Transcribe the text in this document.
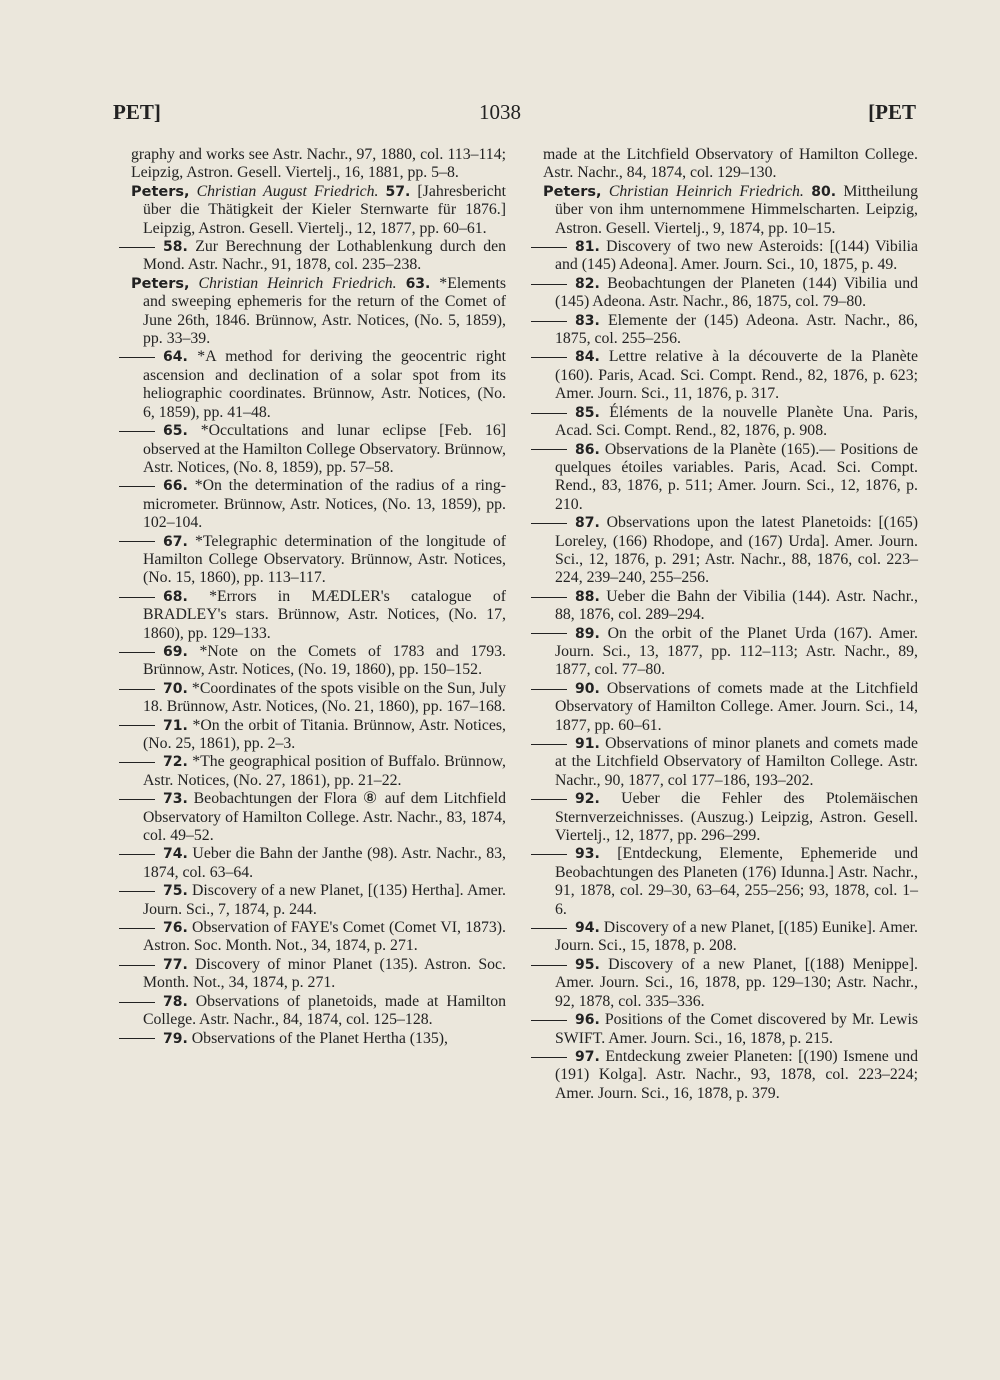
PET]	1038	[PET

graphy and works see Astr. Nachr., 97, 1880, col. 113–114; Leipzig, Astron. Gesell. Viertelj., 16, 1881, pp. 5–8.

Peters, Christian August Friedrich. 57. [Jahresbericht über die Thätigkeit der Kieler Sternwarte für 1876.] Leipzig, Astron. Gesell. Viertelj., 12, 1877, pp. 60–61.

58. Zur Berechnung der Lothablenkung durch den Mond. Astr. Nachr., 91, 1878, col. 235–238.

Peters, Christian Heinrich Friedrich. 63. *Elements and sweeping ephemeris for the return of the Comet of June 26th, 1846. Brünnow, Astr. Notices, (No. 5, 1859), pp. 33–39.

64. *A method for deriving the geocentric right ascension and declination of a solar spot from its heliographic coordinates. Brünnow, Astr. Notices, (No. 6, 1859), pp. 41–48.

65. *Occultations and lunar eclipse [Feb. 16] observed at the Hamilton College Observatory. Brünnow, Astr. Notices, (No. 8, 1859), pp. 57–58.

66. *On the determination of the radius of a ring-micrometer. Brünnow, Astr. Notices, (No. 13, 1859), pp. 102–104.

67. *Telegraphic determination of the longitude of Hamilton College Observatory. Brünnow, Astr. Notices, (No. 15, 1860), pp. 113–117.

68. *Errors in MÆDLER's catalogue of BRADLEY's stars. Brünnow, Astr. Notices, (No. 17, 1860), pp. 129–133.

69. *Note on the Comets of 1783 and 1793. Brünnow, Astr. Notices, (No. 19, 1860), pp. 150–152.

70. *Coordinates of the spots visible on the Sun, July 18. Brünnow, Astr. Notices, (No. 21, 1860), pp. 167–168.

71. *On the orbit of Titania. Brünnow, Astr. Notices, (No. 25, 1861), pp. 2–3.

72. *The geographical position of Buffalo. Brünnow, Astr. Notices, (No. 27, 1861), pp. 21–22.

73. Beobachtungen der Flora ⑧ auf dem Litchfield Observatory of Hamilton College. Astr. Nachr., 83, 1874, col. 49–52.

74. Ueber die Bahn der Janthe (98). Astr. Nachr., 83, 1874, col. 63–64.

75. Discovery of a new Planet, [(135) Hertha]. Amer. Journ. Sci., 7, 1874, p. 244.

76. Observation of FAYE's Comet (Comet VI, 1873). Astron. Soc. Month. Not., 34, 1874, p. 271.

77. Discovery of minor Planet (135). Astron. Soc. Month. Not., 34, 1874, p. 271.

78. Observations of planetoids, made at Hamilton College. Astr. Nachr., 84, 1874, col. 125–128.

79. Observations of the Planet Hertha (135),

made at the Litchfield Observatory of Hamilton College. Astr. Nachr., 84, 1874, col. 129–130.

Peters, Christian Heinrich Friedrich. 80. Mittheilung über von ihm unternommene Himmelscharten. Leipzig, Astron. Gesell. Viertelj., 9, 1874, pp. 10–15.

81. Discovery of two new Asteroids: [(144) Vibilia and (145) Adeona]. Amer. Journ. Sci., 10, 1875, p. 49.

82. Beobachtungen der Planeten (144) Vibilia und (145) Adeona. Astr. Nachr., 86, 1875, col. 79–80.

83. Elemente der (145) Adeona. Astr. Nachr., 86, 1875, col. 255–256.

84. Lettre relative à la découverte de la Planète (160). Paris, Acad. Sci. Compt. Rend., 82, 1876, p. 623; Amer. Journ. Sci., 11, 1876, p. 317.

85. Éléments de la nouvelle Planète Una. Paris, Acad. Sci. Compt. Rend., 82, 1876, p. 908.

86. Observations de la Planète (165).— Positions de quelques étoiles variables. Paris, Acad. Sci. Compt. Rend., 83, 1876, p. 511; Amer. Journ. Sci., 12, 1876, p. 210.

87. Observations upon the latest Planetoids: [(165) Loreley, (166) Rhodope, and (167) Urda]. Amer. Journ. Sci., 12, 1876, p. 291; Astr. Nachr., 88, 1876, col. 223–224, 239–240, 255–256.

88. Ueber die Bahn der Vibilia (144). Astr. Nachr., 88, 1876, col. 289–294.

89. On the orbit of the Planet Urda (167). Amer. Journ. Sci., 13, 1877, pp. 112–113; Astr. Nachr., 89, 1877, col. 77–80.

90. Observations of comets made at the Litchfield Observatory of Hamilton College. Amer. Journ. Sci., 14, 1877, pp. 60–61.

91. Observations of minor planets and comets made at the Litchfield Observatory of Hamilton College. Astr. Nachr., 90, 1877, col 177–186, 193–202.

92. Ueber die Fehler des Ptolemäischen Sternverzeichnisses. (Auszug.) Leipzig, Astron. Gesell. Viertelj., 12, 1877, pp. 296–299.

93. [Entdeckung, Elemente, Ephemeride und Beobachtungen des Planeten (176) Idunna.] Astr. Nachr., 91, 1878, col. 29–30, 63–64, 255–256; 93, 1878, col. 1–6.

94. Discovery of a new Planet, [(185) Eunike]. Amer. Journ. Sci., 15, 1878, p. 208.

95. Discovery of a new Planet, [(188) Menippe]. Amer. Journ. Sci., 16, 1878, pp. 129–130; Astr. Nachr., 92, 1878, col. 335–336.

96. Positions of the Comet discovered by Mr. Lewis SWIFT. Amer. Journ. Sci., 16, 1878, p. 215.

97. Entdeckung zweier Planeten: [(190) Ismene und (191) Kolga]. Astr. Nachr., 93, 1878, col. 223–224; Amer. Journ. Sci., 16, 1878, p. 379.
